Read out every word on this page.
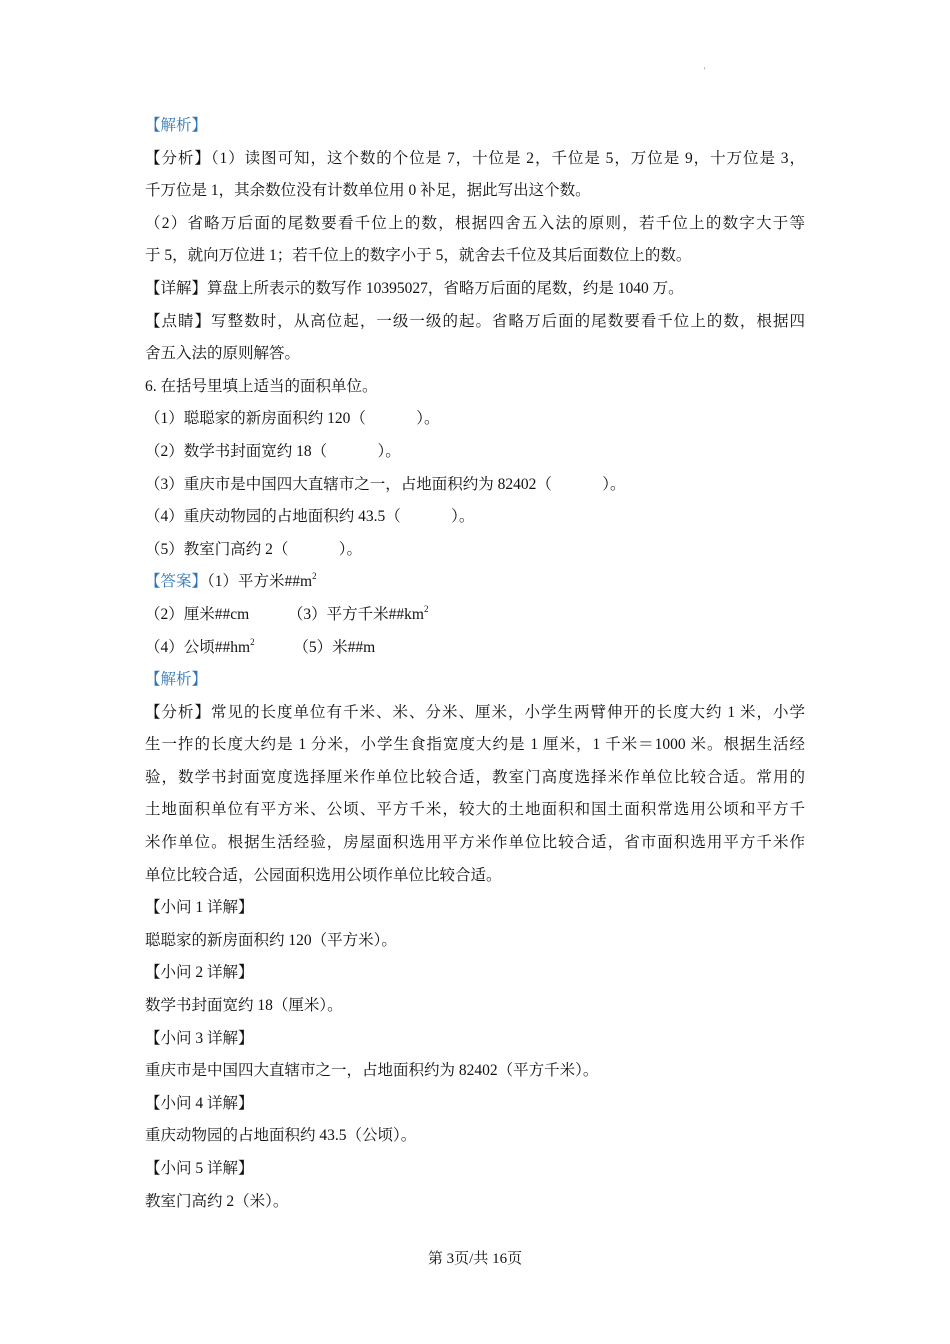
'
【解析】
【分析】（1）读图可知，这个数的个位是 7，十位是 2，千位是 5，万位是 9，十万位是 3，
千万位是 1，其余数位没有计数单位用 0 补足，据此写出这个数。
（2）省略万后面的尾数要看千位上的数，根据四舍五入法的原则，若千位上的数字大于等
于 5，就向万位进 1；若千位上的数字小于 5，就舍去千位及其后面数位上的数。
【详解】算盘上所表示的数写作 10395027，省略万后面的尾数，约是 1040 万。
【点睛】写整数时，从高位起，一级一级的起。省略万后面的尾数要看千位上的数，根据四
舍五入法的原则解答。
6. 在括号里填上适当的面积单位。
（1）聪聪家的新房面积约 120（             ）。
（2）数学书封面宽约 18（             ）。
（3）重庆市是中国四大直辖市之一，占地面积约为 82402（             ）。
（4）重庆动物园的占地面积约 43.5（             ）。
（5）教室门高约 2（             ）。
【答案】（1）平方米$\#\#m^2$
（2）厘米##cm          （3）平方千米$\#\#km^2$
（4）公顷$\#\#hm^2$          （5）米##m
【解析】
【分析】常见的长度单位有千米、米、分米、厘米，小学生两臂伸开的长度大约 1 米，小学
生一拃的长度大约是 1 分米，小学生食指宽度大约是 1 厘米，1 千米＝1000 米。根据生活经
验，数学书封面宽度选择厘米作单位比较合适，教室门高度选择米作单位比较合适。常用的
土地面积单位有平方米、公顷、平方千米，较大的土地面积和国土面积常选用公顷和平方千
米作单位。根据生活经验，房屋面积选用平方米作单位比较合适，省市面积选用平方千米作
单位比较合适，公园面积选用公顷作单位比较合适。
【小问 1 详解】
聪聪家的新房面积约 120（平方米）。
【小问 2 详解】
数学书封面宽约 18（厘米）。
【小问 3 详解】
重庆市是中国四大直辖市之一，占地面积约为 82402（平方千米）。
【小问 4 详解】
重庆动物园的占地面积约 43.5（公顷）。
【小问 5 详解】
教室门高约 2（米）。
第 3页/共 16页
